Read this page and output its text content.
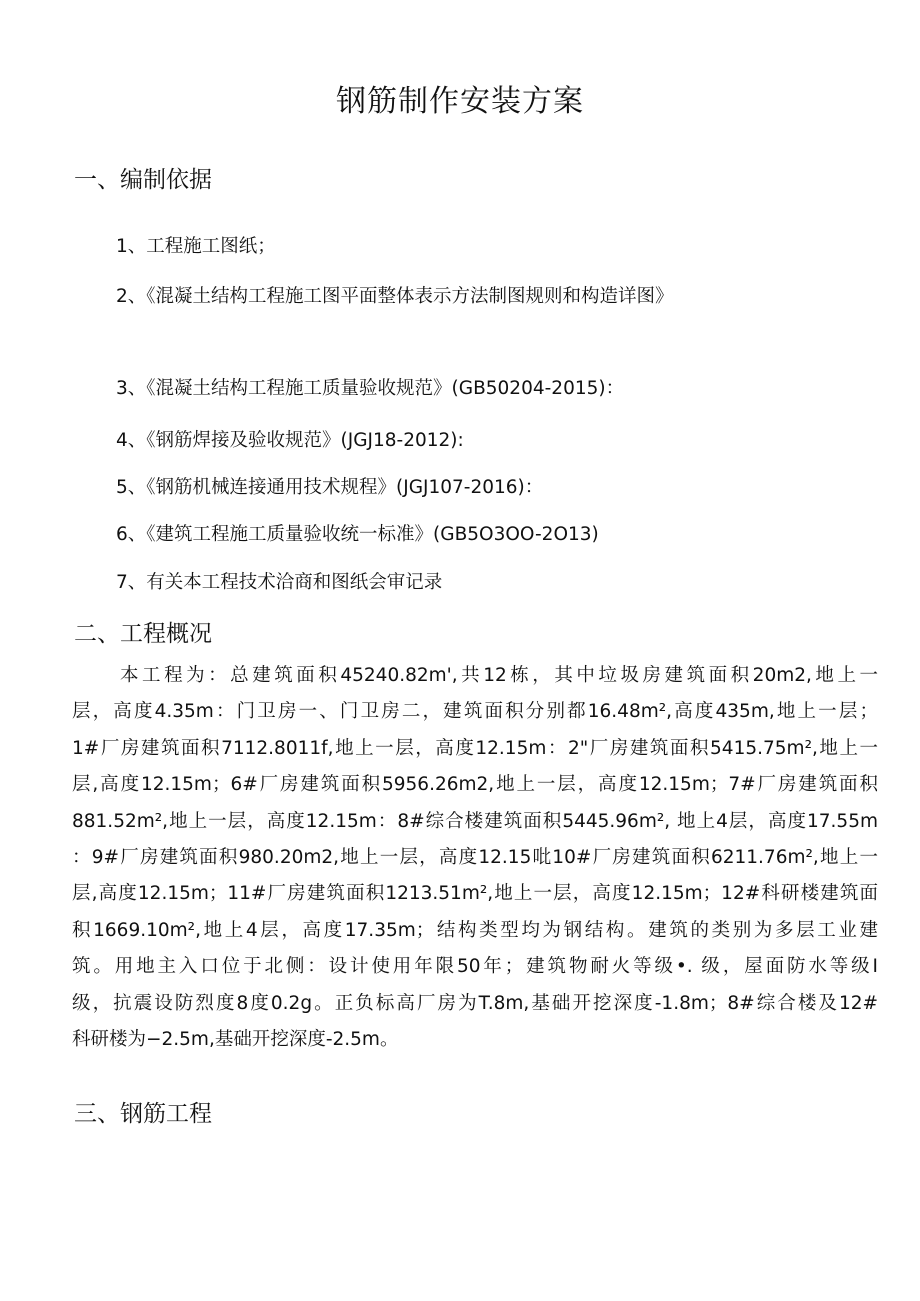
钢筋制作安装方案
一、编制依据
1、工程施工图纸；
2、《混凝土结构工程施工图平面整体表示方法制图规则和构造详图》
3、《混凝土结构工程施工质量验收规范》(GB50204-2015)：
4、《钢筋焊接及验收规范》(JGJ18-2012):
5、《钢筋机械连接通用技术规程》(JGJ107-2016)：
6、《建筑工程施工质量验收统一标准》(GB5O3OO-2O13)
7、有关本工程技术洽商和图纸会审记录
二、工程概况
本工程为：总建筑面积45240.82m',共12栋，其中垃圾房建筑面积20m2,地上一
层，高度4.35m：门卫房一、门卫房二，建筑面积分别都16.48m²,高度435m,地上一层；
1#厂房建筑面积7112.8011f,地上一层，高度12.15m：2"厂房建筑面积5415.75m²,地上一
层,高度12.15m；6#厂房建筑面积5956.26m2,地上一层，高度12.15m；7#厂房建筑面积
881.52m²,地上一层，高度12.15m：8#综合楼建筑面积5445.96m², 地上4层，高度17.55m
：9#厂房建筑面积980.20m2,地上一层，高度12.15吡10#厂房建筑面积6211.76m²,地上一
层,高度12.15m；11#厂房建筑面积1213.51m²,地上一层，高度12.15m；12#科研楼建筑面
积1669.10m²,地上4层，高度17.35m；结构类型均为钢结构。建筑的类别为多层工业建
筑。用地主入口位于北侧：设计使用年限50年；建筑物耐火等级•. 级，屋面防水等级I
级，抗震设防烈度8度0.2g。正负标高厂房为T.8m,基础开挖深度-1.8m；8#综合楼及12#
科研楼为−2.5m,基础开挖深度-2.5m。
三、钢筋工程
